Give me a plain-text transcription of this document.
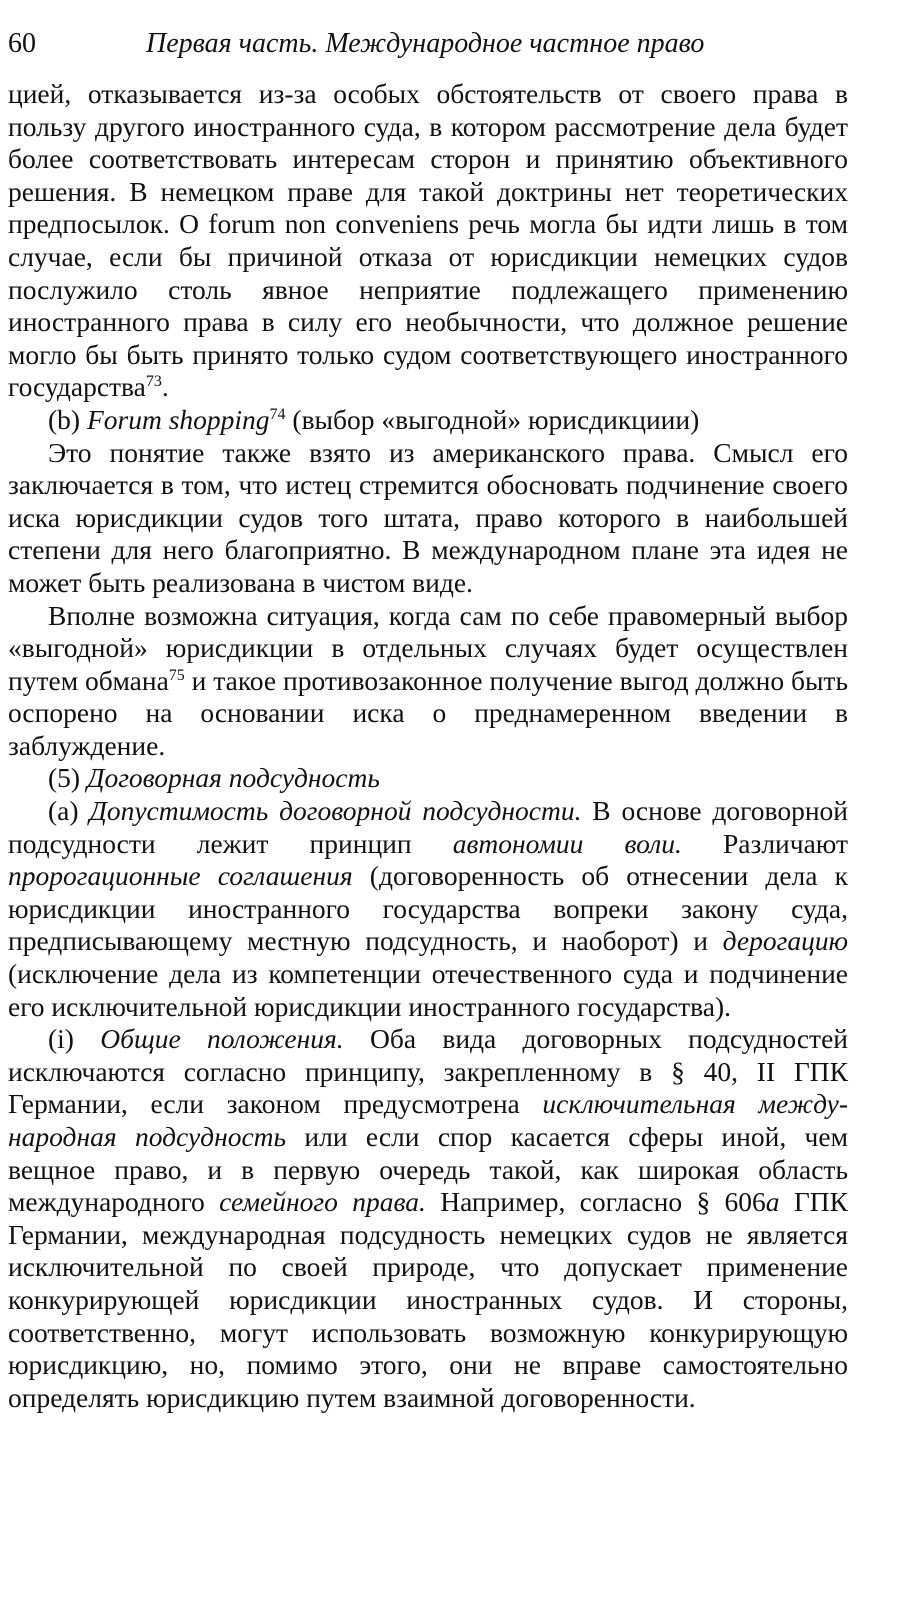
60	Первая часть. Международное частное право

цией, отказывается из-за особых обстоятельств от своего права в пользу другого иностранного суда, в котором рассмотрение дела будет более соответствовать интересам сторон и принятию объективного решения. В немецком праве для такой доктрины нет теоретических предпосылок. О forum non conveniens речь могла бы идти лишь в том случае, если бы причиной отказа от юрисдикции немецких судов послужило столь явное неприятие подлежащего применению иностранного права в силу его необычности, что должное решение могло бы быть принято только судом соответствующего иностранного государства$^{73}$.

(b) Forum shopping$^{74}$ (выбор «выгодной» юрисдикциии)

Это понятие также взято из американского права. Смысл его заключается в том, что истец стремится обосновать подчинение своего иска юрисдикции судов того штата, право которого в наибольшей степени для него благоприятно. В международном плане эта идея не может быть реализована в чистом виде.

Вполне возможна ситуация, когда сам по себе правомерный выбор «выгодной» юрисдикции в отдельных случаях будет осуществлен путем обмана$^{75}$ и такое противозаконное получение выгод должно быть оспорено на основании иска о преднамеренном введении в заблуждение.

(5) Договорная подсудность

(a) Допустимость договорной подсудности. В основе договорной подсудности лежит принцип автономии воли. Различают пророгационные соглашения (договоренность об отнесении дела к юрисдикции иностранного государства вопреки закону суда, предписывающему местную подсудность, и наоборот) и дерoгацию (исключение дела из компетенции отечественного суда и подчинение его исключительной юрисдикции иностранного государства).

(i) Общие положения. Оба вида договорных подсудностей исключаются согласно принципу, закрепленному в § 40, II ГПК Германии, если законом предусмотрена исключительная международная подсудность или если спор касается сферы иной, чем вещное право, и в первую очередь такой, как широкая область международного семейного права. Например, согласно § 606a ГПК Германии, международная подсудность немецких судов не является исключительной по своей природе, что допускает применение конкурирующей юрисдикции иностранных судов. И стороны, соответственно, могут использовать возможную конкурирующую юрисдикцию, но, помимо этого, они не вправе самостоятельно определять юрисдикцию путем взаимной договоренности.
